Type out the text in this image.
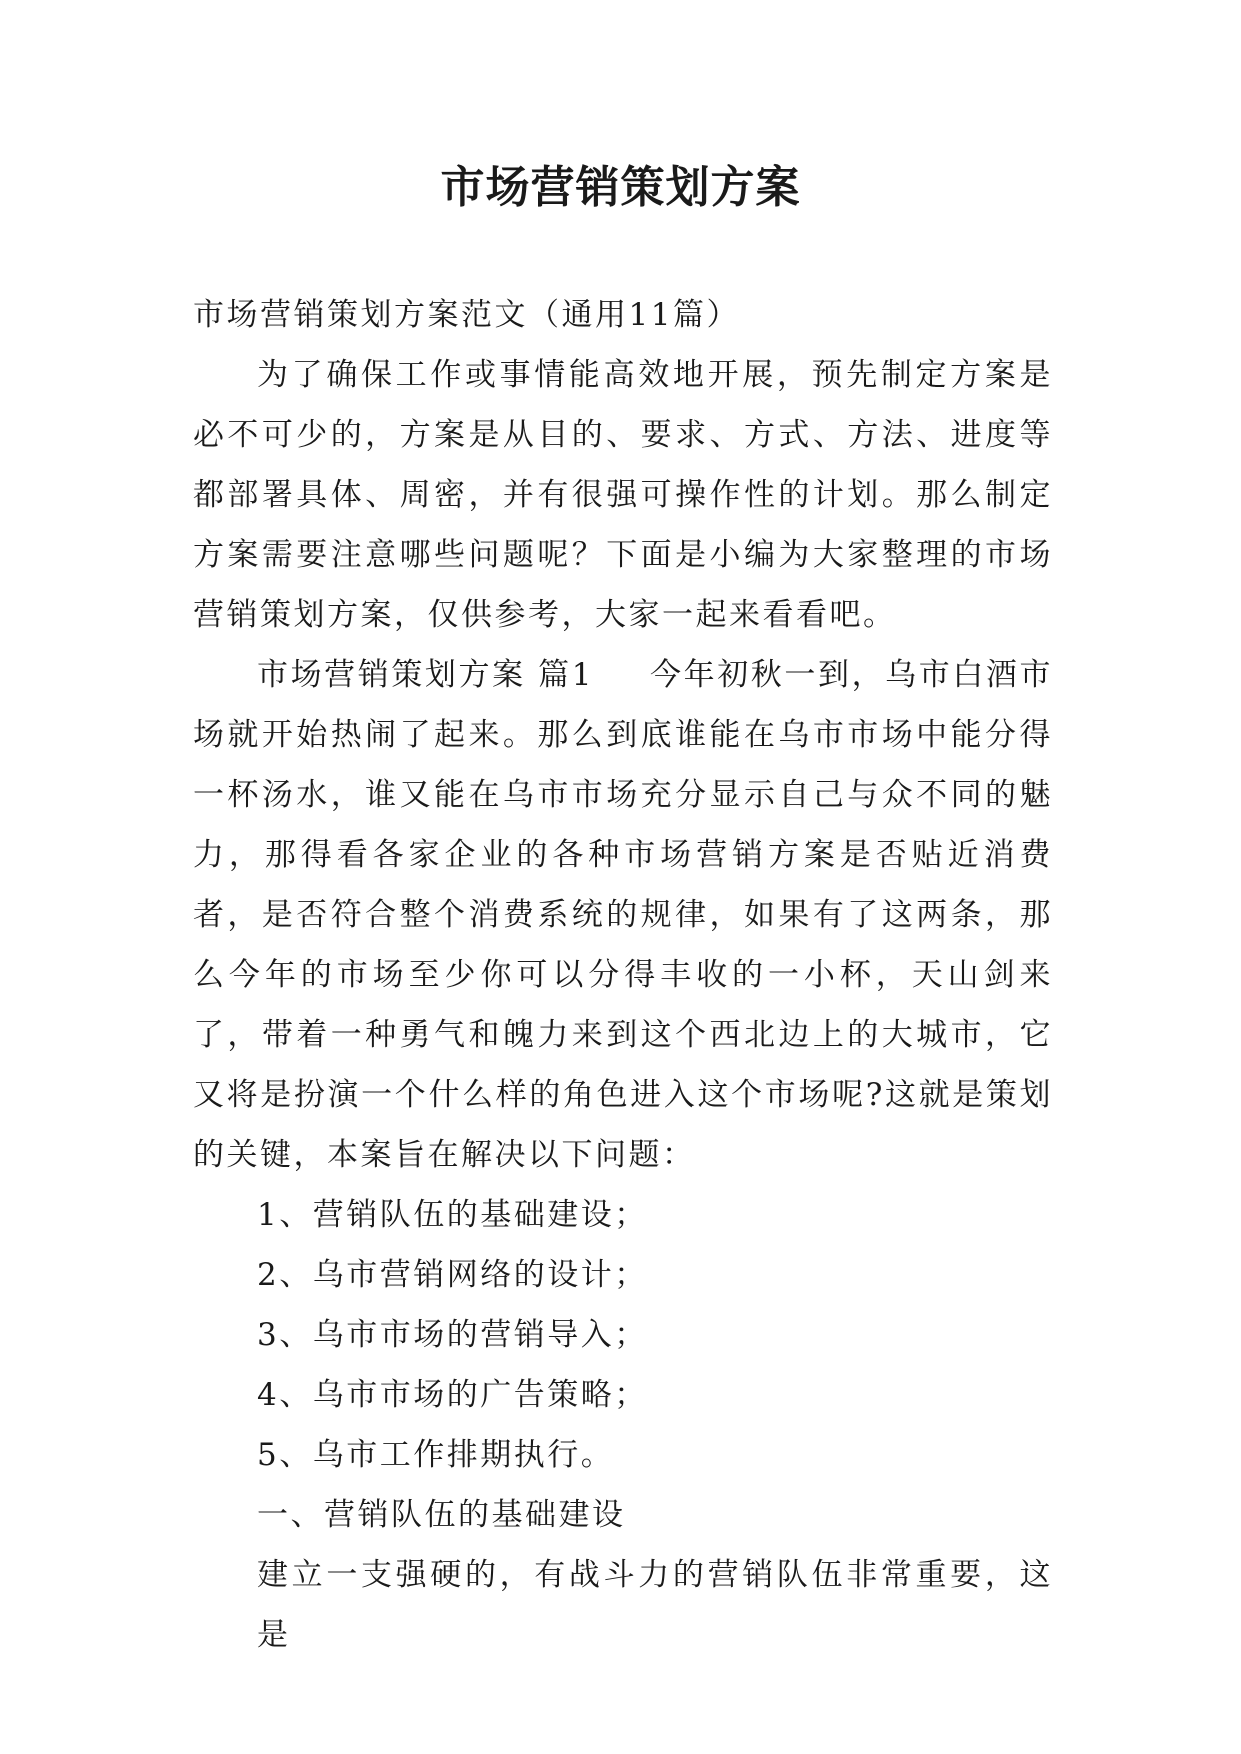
市场营销策划方案

市场营销策划方案范文（通用11篇）

为了确保工作或事情能高效地开展，预先制定方案是必不可少的，方案是从目的、要求、方式、方法、进度等都部署具体、周密，并有很强可操作性的计划。那么制定方案需要注意哪些问题呢？下面是小编为大家整理的市场营销策划方案，仅供参考，大家一起来看看吧。

市场营销策划方案 篇1 今年初秋一到，乌市白酒市场就开始热闹了起来。那么到底谁能在乌市市场中能分得一杯汤水，谁又能在乌市市场充分显示自己与众不同的魅力，那得看各家企业的各种市场营销方案是否贴近消费者，是否符合整个消费系统的规律，如果有了这两条，那么今年的市场至少你可以分得丰收的一小杯，天山剑来了，带着一种勇气和魄力来到这个西北边上的大城市，它又将是扮演一个什么样的角色进入这个市场呢?这就是策划的关键，本案旨在解决以下问题：

1、营销队伍的基础建设；

2、乌市营销网络的设计；

3、乌市市场的营销导入；

4、乌市市场的广告策略；

5、乌市工作排期执行。

一、营销队伍的基础建设

建立一支强硬的，有战斗力的营销队伍非常重要，这是
